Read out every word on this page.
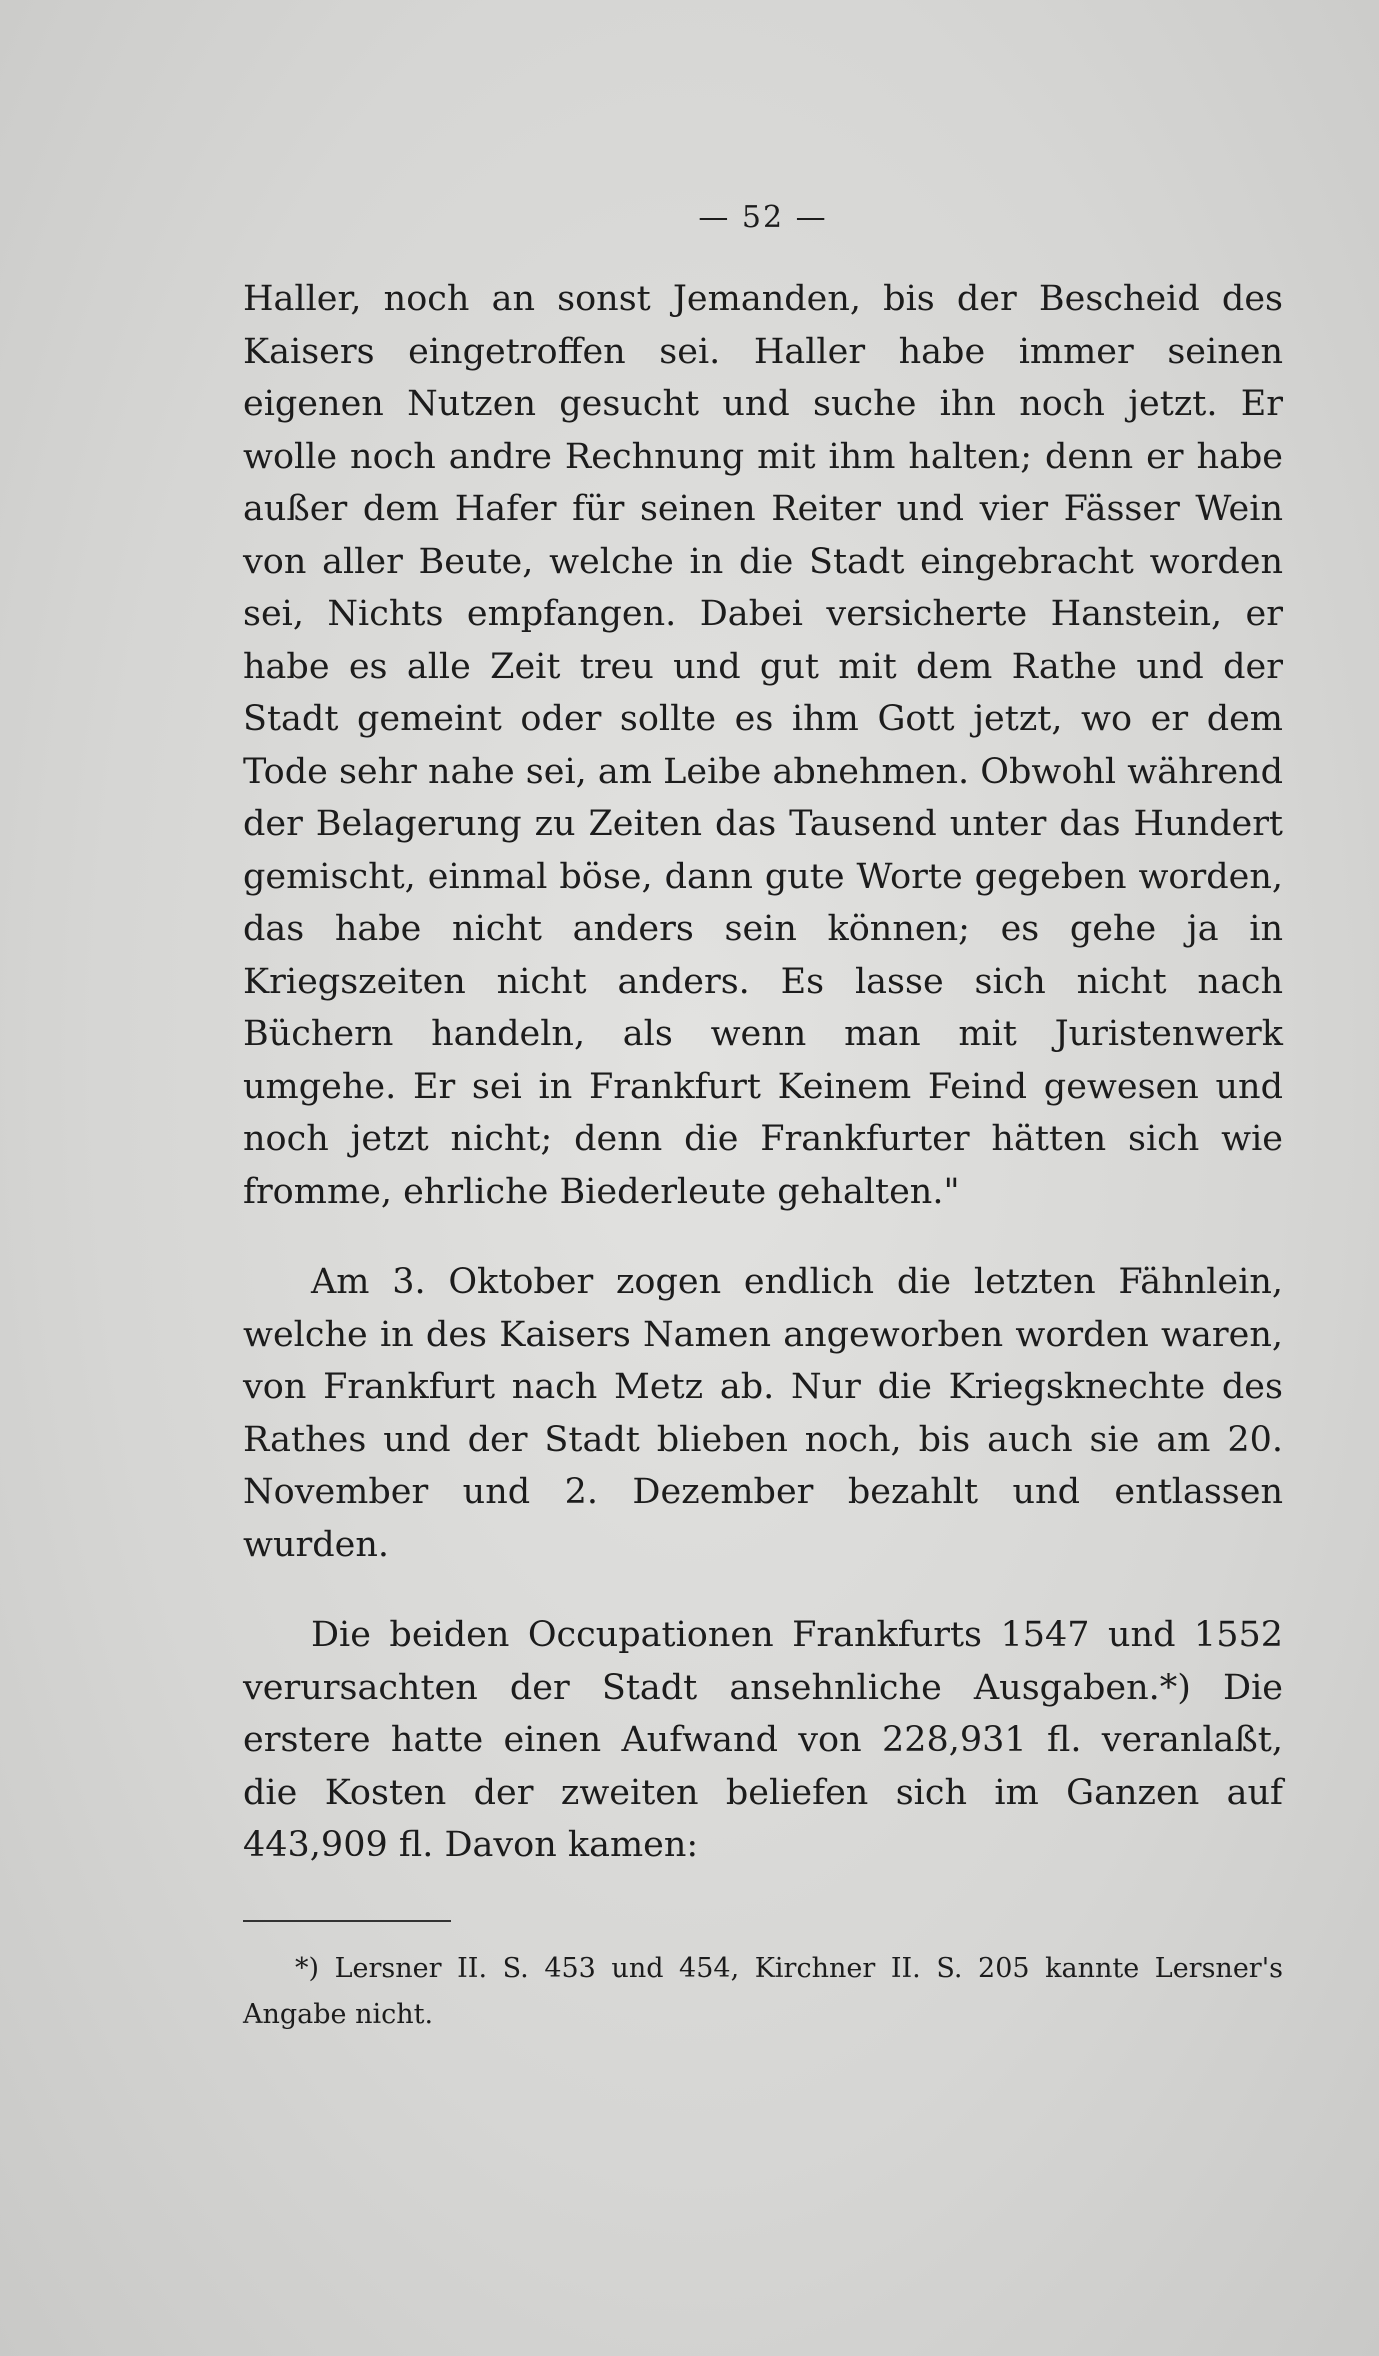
— 52 —

Haller, noch an sonst Jemanden, bis der Bescheid des Kaisers eingetroffen sei. Haller habe immer seinen eigenen Nutzen gesucht und suche ihn noch jetzt. Er wolle noch andre Rechnung mit ihm halten; denn er habe außer dem Hafer für seinen Reiter und vier Fässer Wein von aller Beute, welche in die Stadt eingebracht worden sei, Nichts empfangen. Dabei versicherte Hanstein, er habe es alle Zeit treu und gut mit dem Rathe und der Stadt gemeint oder sollte es ihm Gott jetzt, wo er dem Tode sehr nahe sei, am Leibe abnehmen. Obwohl während der Belagerung zu Zeiten das Tausend unter das Hundert gemischt, einmal böse, dann gute Worte gegeben worden, das habe nicht anders sein können; es gehe ja in Kriegszeiten nicht anders. Es lasse sich nicht nach Büchern handeln, als wenn man mit Juristenwerk umgehe. Er sei in Frankfurt Keinem Feind gewesen und noch jetzt nicht; denn die Frankfurter hätten sich wie fromme, ehrliche Biederleute gehalten."

Am 3. Oktober zogen endlich die letzten Fähnlein, welche in des Kaisers Namen angeworben worden waren, von Frankfurt nach Metz ab. Nur die Kriegsknechte des Rathes und der Stadt blieben noch, bis auch sie am 20. November und 2. Dezember bezahlt und entlassen wurden.

Die beiden Occupationen Frankfurts 1547 und 1552 verursachten der Stadt ansehnliche Ausgaben.*) Die erstere hatte einen Aufwand von 228,931 fl. veranlaßt, die Kosten der zweiten beliefen sich im Ganzen auf 443,909 fl. Davon kamen:

*) Lersner II. S. 453 und 454, Kirchner II. S. 205 kannte Lersner's Angabe nicht.
